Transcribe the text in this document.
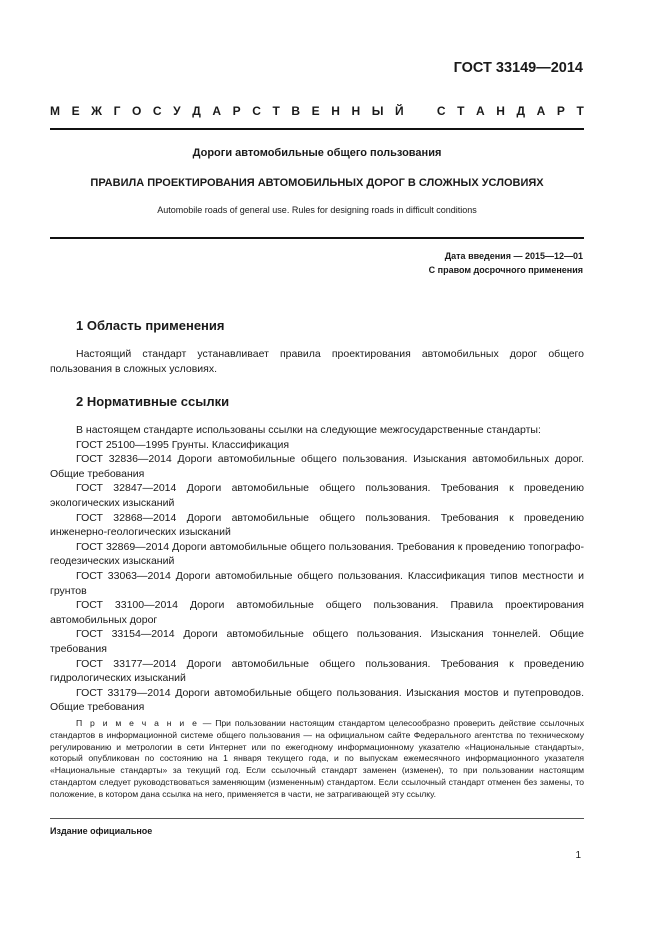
ГОСТ 33149—2014
М Е Ж Г О С У Д А Р С Т В Е Н Н Ы Й	С Т А Н Д А Р Т
Дороги автомобильные общего пользования
ПРАВИЛА ПРОЕКТИРОВАНИЯ АВТОМОБИЛЬНЫХ ДОРОГ В СЛОЖНЫХ УСЛОВИЯХ
Automobile roads of general use. Rules for designing roads in difficult conditions
Дата введения — 2015—12—01
С правом досрочного применения
1 Область применения
Настоящий стандарт устанавливает правила проектирования автомобильных дорог общего пользования в сложных условиях.
2 Нормативные ссылки
В настоящем стандарте использованы ссылки на следующие межгосударственные стандарты:
ГОСТ 25100—1995 Грунты. Классификация
ГОСТ 32836—2014 Дороги автомобильные общего пользования. Изыскания автомобильных дорог. Общие требования
ГОСТ 32847—2014 Дороги автомобильные общего пользования. Требования к проведению экологических изысканий
ГОСТ 32868—2014 Дороги автомобильные общего пользования. Требования к проведению инженерно-геологических изысканий
ГОСТ 32869—2014 Дороги автомобильные общего пользования. Требования к проведению топографо-геодезических изысканий
ГОСТ 33063—2014 Дороги автомобильные общего пользования. Классификация типов местности и грунтов
ГОСТ 33100—2014 Дороги автомобильные общего пользования. Правила проектирования автомобильных дорог
ГОСТ 33154—2014 Дороги автомобильные общего пользования. Изыскания тоннелей. Общие требования
ГОСТ 33177—2014 Дороги автомобильные общего пользования. Требования к проведению гидрологических изысканий
ГОСТ 33179—2014 Дороги автомобильные общего пользования. Изыскания мостов и путепроводов. Общие требования
П р и м е ч а н и е — При пользовании настоящим стандартом целесообразно проверить действие ссылочных стандартов в информационной системе общего пользования — на официальном сайте Федерального агентства по техническому регулированию и метрологии в сети Интернет или по ежегодному информационному указателю «Национальные стандарты», который опубликован по состоянию на 1 января текущего года, и по выпускам ежемесячного информационного указателя «Национальные стандарты» за текущий год. Если ссылочный стандарт заменен (изменен), то при пользовании настоящим стандартом следует руководствоваться заменяющим (измененным) стандартом. Если ссылочный стандарт отменен без замены, то положение, в котором дана ссылка на него, применяется в части, не затрагивающей эту ссылку.
Издание официальное
1
